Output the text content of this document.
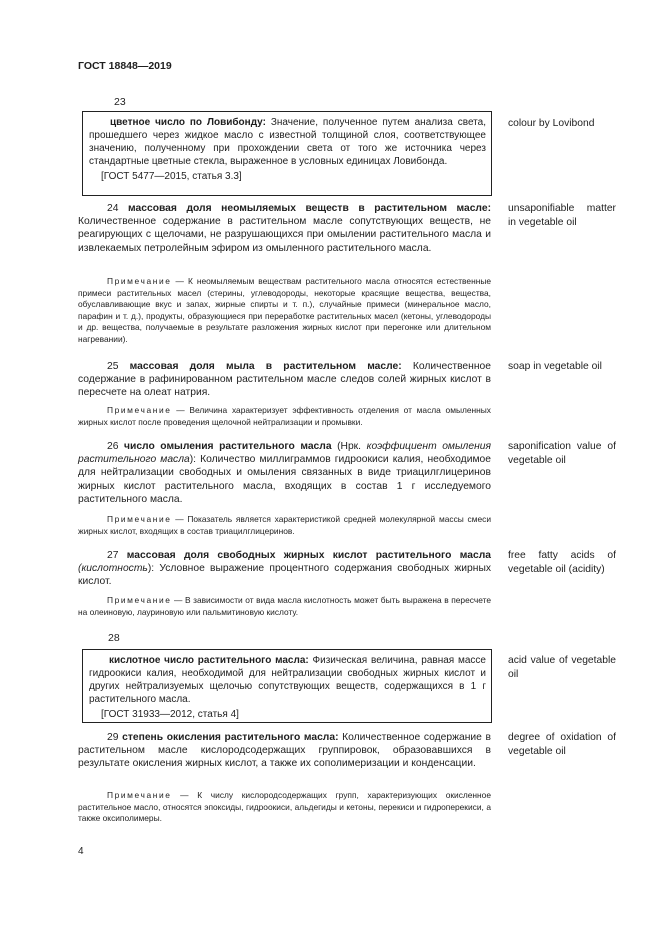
ГОСТ 18848—2019
23
цветное число по Ловибонду: Значение, полученное путем анализа света, прошедшего через жидкое масло с известной толщиной слоя, соответствующее значению, полученному при прохождении света от того же источника через стандартные цветные стекла, выраженное в условных единицах Ловибонда.
[ГОСТ 5477—2015, статья 3.3]
colour by Lovibond
24 массовая доля неомыляемых веществ в растительном масле: Количественное содержание в растительном масле сопутствующих веществ, не реагирующих с щелочами, не разрушающихся при омылении растительного масла и извлекаемых петролейным эфиром из омыленного растительного масла.
unsaponifiable matter in vegetable oil
Примечание — К неомыляемым веществам растительного масла относятся естественные примеси растительных масел (стерины, углеводороды, некоторые красящие вещества, вещества, обуславливающие вкус и запах, жирные спирты и т. п.), случайные примеси (минеральное масло, парафин и т. д.), продукты, образующиеся при переработке растительных масел (кетоны, углеводороды и др. вещества, получаемые в результате разложения жирных кислот при перегонке или длительном нагревании).
25 массовая доля мыла в растительном масле: Количественное содержание в рафинированном растительном масле следов солей жирных кислот в пересчете на олеат натрия.
soap in vegetable oil
Примечание — Величина характеризует эффективность отделения от масла омыленных жирных кислот после проведения щелочной нейтрализации и промывки.
26 число омыления растительного масла (Нрк. коэффициент омыления растительного масла): Количество миллиграммов гидроокиси калия, необходимое для нейтрализации свободных и омыления связанных в виде триацилглицеринов жирных кислот растительного масла, входящих в состав 1 г исследуемого растительного масла.
saponification value of vegetable oil
Примечание — Показатель является характеристикой средней молекулярной массы смеси жирных кислот, входящих в состав триацилглицеринов.
27 массовая доля свободных жирных кислот растительного масла (кислотность): Условное выражение процентного содержания свободных жирных кислот.
free fatty acids of vegetable oil (acidity)
Примечание — В зависимости от вида масла кислотность может быть выражена в пересчете на олеиновую, лауриновую или пальмитиновую кислоту.
28
кислотное число растительного масла: Физическая величина, равная массе гидроокиси калия, необходимой для нейтрализации свободных жирных кислот и других нейтрализуемых щелочью сопутствующих веществ, содержащихся в 1 г растительного масла.
[ГОСТ 31933—2012, статья 4]
acid value of vegetable oil
29 степень окисления растительного масла: Количественное содержание в растительном масле кислородсодержащих группировок, образовавшихся в результате окисления жирных кислот, а также их сополимеризации и конденсации.
degree of oxidation of vegetable oil
Примечание — К числу кислородсодержащих групп, характеризующих окисленное растительное масло, относятся эпоксиды, гидроокиси, альдегиды и кетоны, перекиси и гидроперекиси, а также оксиполимеры.
4
